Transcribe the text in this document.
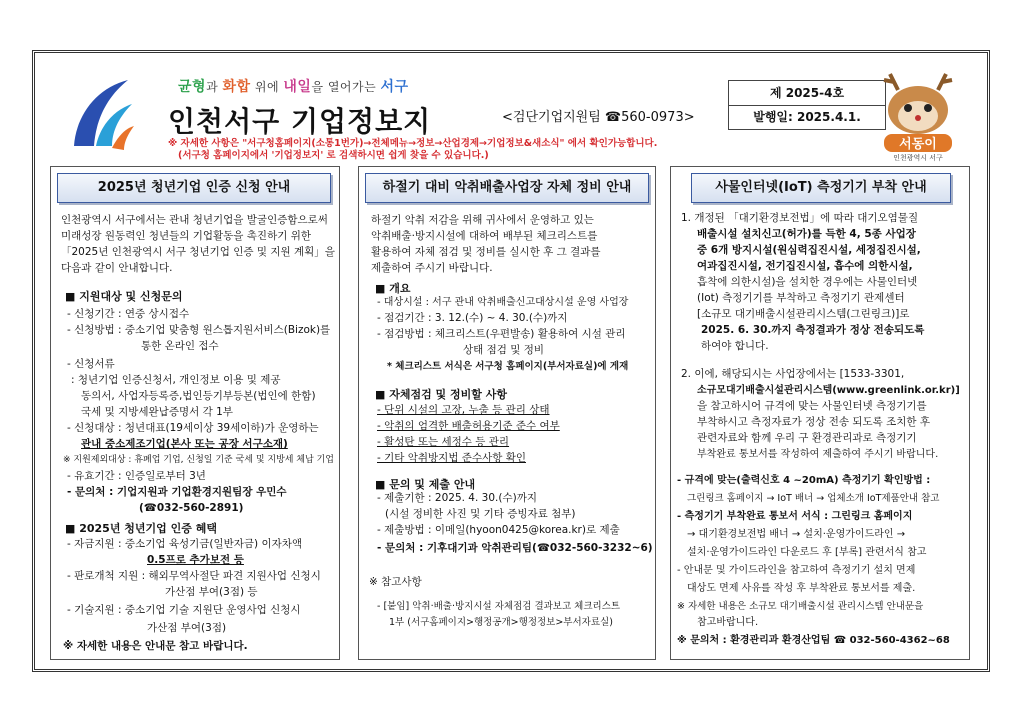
균형과 화합 위에 내일을 열어가는 서구
인천서구 기업정보지	<검단기업지원팀 ☎560-0973>
※ 자세한 사항은 "서구청홈페이지(소통1번가)→전체메뉴→정보→산업경제→기업정보&새소식" 에서 확인가능합니다.
(서구청 홈페이지에서 '기업정보지' 로 검색하시면 쉽게 찾을 수 있습니다.)
제 2025-4호
발행일: 2025.4.1.
서동이
인천광역시 서구
2025년 청년기업 인증 신청 안내
인천광역시 서구에서는 관내 청년기업을 발굴인증함으로써
미래성장 원동력인 청년들의 기업활동을 촉진하기 위한
「2025년 인천광역시 서구 청년기업 인증 및 지원 계획」을
다음과 같이 안내합니다.
■ 지원대상 및 신청문의
- 신청기간 : 연중 상시접수
- 신청방법 : 중소기업 맞춤형 원스톱지원서비스(Bizok)를
통한 온라인 접수
- 신청서류
: 청년기업 인증신청서, 개인정보 이용 및 제공
동의서, 사업자등록증,법인등기부등본(법인에 한함)
국세 및 지방세완납증명서 각 1부
- 신청대상 : 청년대표(19세이상 39세이하)가 운영하는
관내 중소제조기업(본사 또는 공장 서구소재)
※ 지원제외대상 : 휴폐업 기업, 신청일 기준 국세 및 지방세 체납 기업
- 유효기간 : 인증일로부터 3년
- 문의처 : 기업지원과 기업환경지원팀장 우민수
(☎032-560-2891)
■ 2025년 청년기업 인증 혜택
- 자금지원 : 중소기업 육성기금(일반자금) 이자차액
0.5프로 추가보전 등
- 판로개척 지원 : 해외무역사절단 파견 지원사업 신청시
가산점 부여(3점) 등
- 기술지원 : 중소기업 기술 지원단 운영사업 신청시
가산점 부여(3점)
※ 자세한 내용은 안내문 참고 바랍니다.
하절기 대비 악취배출사업장 자체 정비 안내
하절기 악취 저감을 위해 귀사에서 운영하고 있는
악취배출·방지시설에 대하여 배부된 체크리스트를
활용하여 자체 점검 및 정비를 실시한 후 그 결과를
제출하여 주시기 바랍니다.
■ 개요
- 대상시설 : 서구 관내 악취배출신고대상시설 운영 사업장
- 점검기간 : 3. 12.(수) ~ 4. 30.(수)까지
- 점검방법 : 체크리스트(우편발송) 활용하여 시설 관리
상태 점검 및 정비
* 체크리스트 서식은 서구청 홈페이지(부서자료실)에 게재
■ 자체점검 및 정비할 사항
- 단위 시설의 고장, 누출 등 관리 상태
- 악취의 엄격한 배출허용기준 준수 여부
- 활성탄 또는 세정수 등 관리
- 기타 악취방지법 준수사항 확인
■ 문의 및 제출 안내
- 제출기한 : 2025. 4. 30.(수)까지
(시설 정비한 사진 및 기타 증빙자료 첨부)
- 제출방법 : 이메일(hyoon0425@korea.kr)로 제출
- 문의처 : 기후대기과 악취관리팀(☎032-560-3232~6)
※ 참고사항
- [붙임] 악취·배출·방지시설 자체점검 결과보고 체크리스트
1부 (서구홈페이지>행정공개>행정정보>부서자료실)
사물인터넷(IoT) 측정기기 부착 안내
1. 개정된 「대기환경보전법」에 따라 대기오염물질
배출시설 설치신고(허가)를 득한 4, 5종 사업장
중 6개 방지시설(원심력집진시설, 세정집진시설,
여과집진시설, 전기집진시설, 흡수에 의한시설,
흡착에 의한시설)을 설치한 경우에는 사물인터넷
(Iot) 측정기기를 부착하고 측정기기 관제센터
[소규모 대기배출시설관리시스템(그린링크)]로
2025. 6. 30.까지 측정결과가 정상 전송되도록
하여야 합니다.
2. 이에, 해당되시는 사업장에서는 [1533-3301,
소규모대기배출시설관리시스템(www.greenlink.or.kr)]
을 참고하시어 규격에 맞는 사물인터넷 측정기기를
부착하시고 측정자료가 정상 전송 되도록 조치한 후
관련자료와 함께 우리 구 환경관리과로 측정기기
부착완료 통보서를 작성하여 제출하여 주시기 바랍니다.
- 규격에 맞는(출력신호 4 ~20mA) 측정기기 확인방법 :
그린링크 홈페이지 → IoT 배너 → 업체소개 IoT제품안내 참고
- 측정기기 부착완료 통보서 서식 : 그린링크 홈페이지
→ 대기환경보전법 배너 → 설치·운영가이드라인 →
설치·운영가이드라인 다운로드 후 [부록] 관련서식 참고
- 안내문 및 가이드라인을 참고하여 측정기기 설치 면제
대상도 면제 사유를 작성 후 부착완료 통보서를 제출.
※ 자세한 내용은 소규모 대기배출시설 관리시스템 안내문을
참고바랍니다.
※ 문의처 : 환경관리과 환경산업팀 ☎ 032-560-4362~68
